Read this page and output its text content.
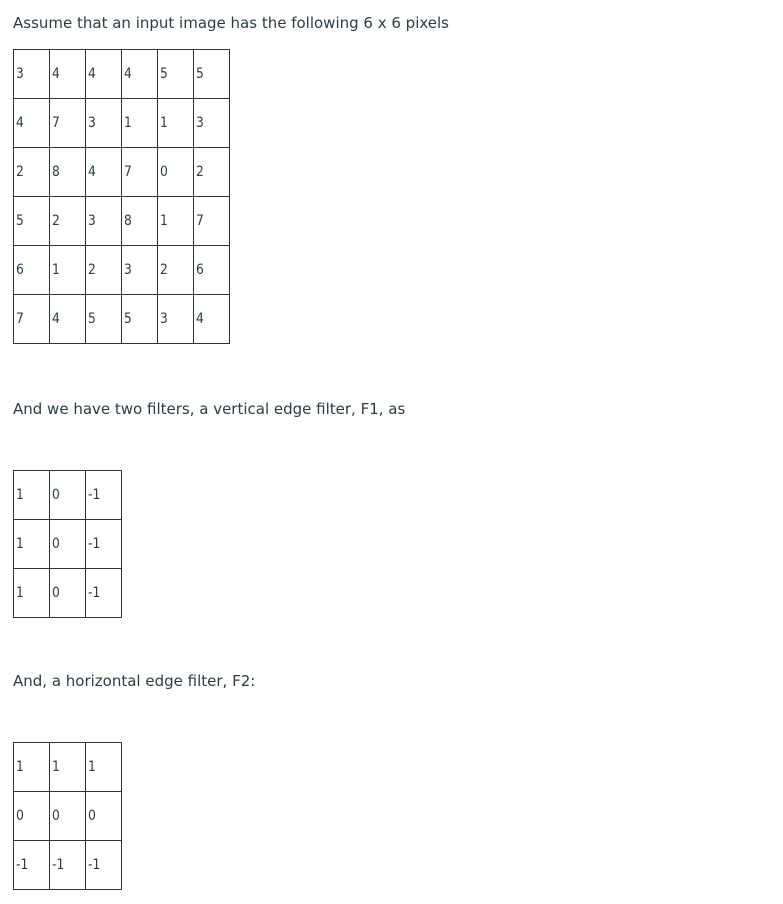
Assume that an input image has the following 6 x 6 pixels
3	4	4	4	5	5
4	7	3	1	1	3
2	8	4	7	0	2
5	2	3	8	1	7
6	1	2	3	2	6
7	4	5	5	3	4
And we have two filters, a vertical edge filter, F1, as
1	0	-1
1	0	-1
1	0	-1
And, a horizontal edge filter, F2:
1	1	1
0	0	0
-1	-1	-1
